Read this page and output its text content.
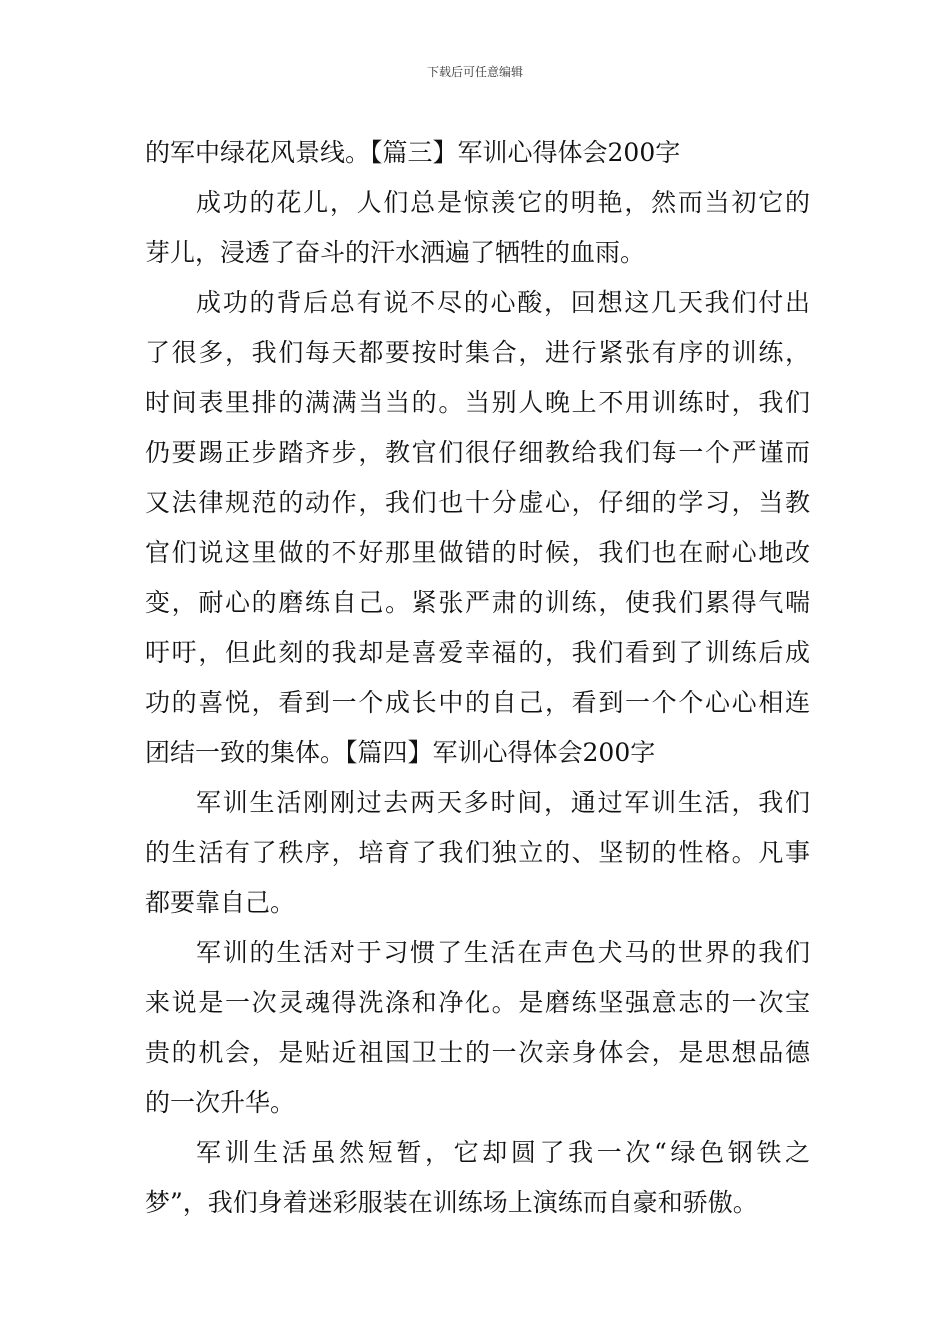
下载后可任意编辑
的军中绿花风景线。【篇三】军训心得体会200字
成功的花儿，人们总是惊羡它的明艳，然而当初它的
芽儿，浸透了奋斗的汗水洒遍了牺牲的血雨。
成功的背后总有说不尽的心酸，回想这几天我们付出
了很多，我们每天都要按时集合，进行紧张有序的训练，
时间表里排的满满当当的。当别人晚上不用训练时，我们
仍要踢正步踏齐步，教官们很仔细教给我们每一个严谨而
又法律规范的动作，我们也十分虚心，仔细的学习，当教
官们说这里做的不好那里做错的时候，我们也在耐心地改
变，耐心的磨练自己。紧张严肃的训练，使我们累得气喘
吁吁，但此刻的我却是喜爱幸福的，我们看到了训练后成
功的喜悦，看到一个成长中的自己，看到一个个心心相连
团结一致的集体。【篇四】军训心得体会200字
军训生活刚刚过去两天多时间，通过军训生活，我们
的生活有了秩序，培育了我们独立的、坚韧的性格。凡事
都要靠自己。
军训的生活对于习惯了生活在声色犬马的世界的我们
来说是一次灵魂得洗涤和净化。是磨练坚强意志的一次宝
贵的机会，是贴近祖国卫士的一次亲身体会，是思想品德
的一次升华。
军训生活虽然短暂，它却圆了我一次“绿色钢铁之
梦”，我们身着迷彩服装在训练场上演练而自豪和骄傲。
